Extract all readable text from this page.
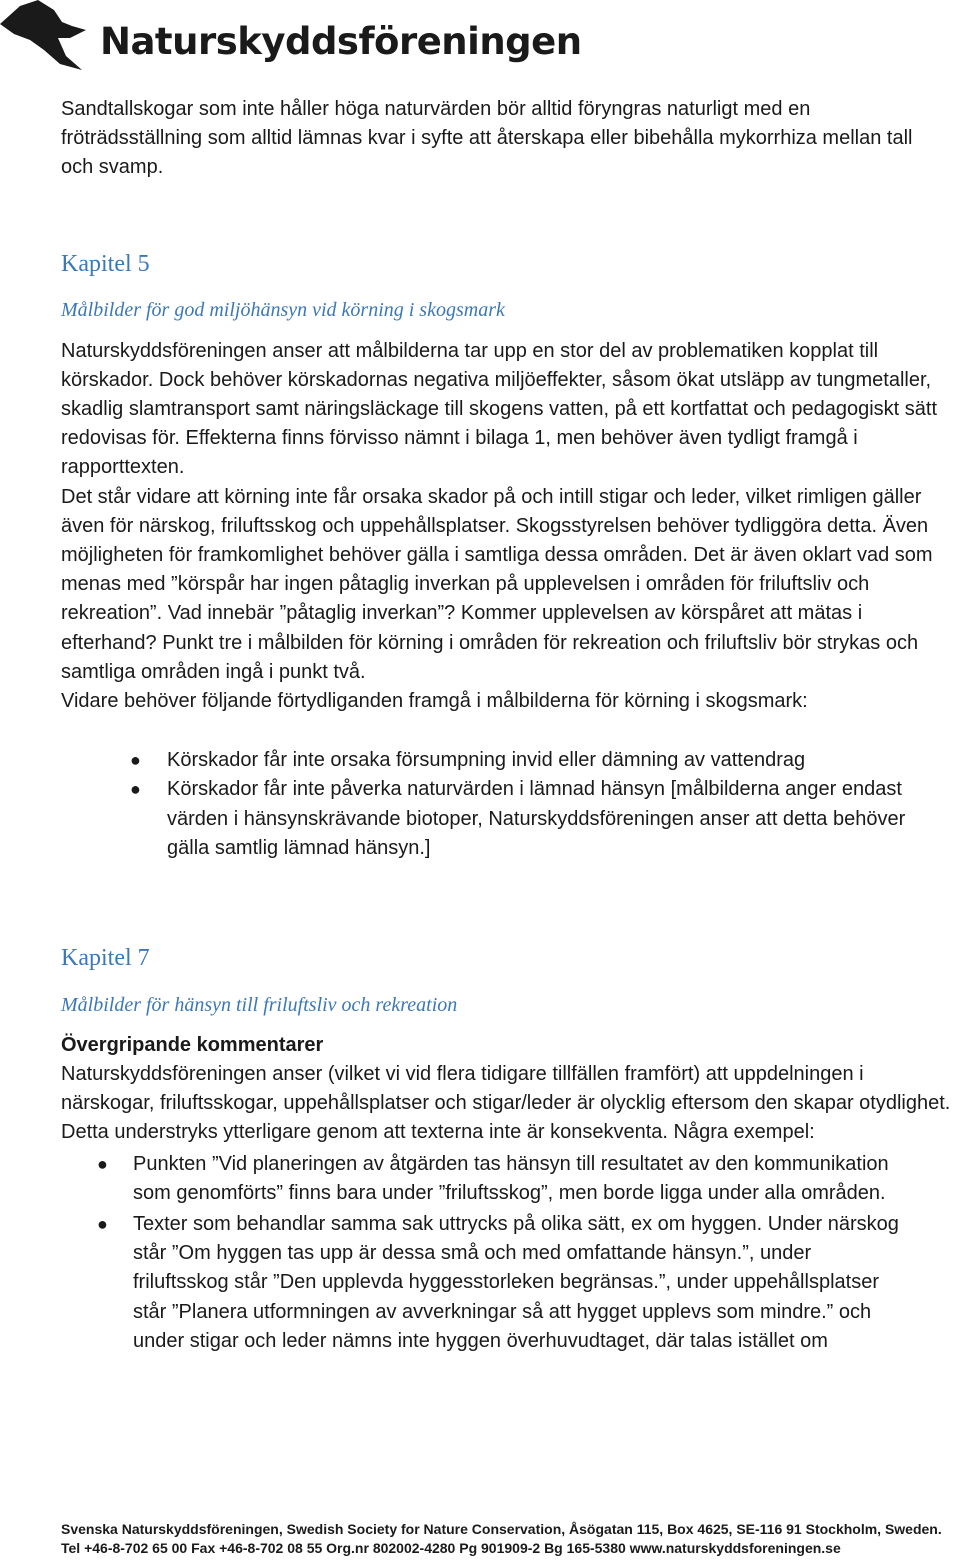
Naturskyddsföreningen

Sandtallskogar som inte håller höga naturvärden bör alltid föryngras naturligt med en fröträdsställning som alltid lämnas kvar i syfte att återskapa eller bibehålla mykorrhiza mellan tall och svamp.

Kapitel 5
Målbilder för god miljöhänsyn vid körning i skogsmark

Naturskyddsföreningen anser att målbilderna tar upp en stor del av problematiken kopplat till körskador. Dock behöver körskadornas negativa miljöeffekter, såsom ökat utsläpp av tungmetaller, skadlig slamtransport samt näringsläckage till skogens vatten, på ett kortfattat och pedagogiskt sätt redovisas för. Effekterna finns förvisso nämnt i bilaga 1, men behöver även tydligt framgå i rapporttexten.

Det står vidare att körning inte får orsaka skador på och intill stigar och leder, vilket rimligen gäller även för närskog, friluftsskog och uppehållsplatser. Skogsstyrelsen behöver tydliggöra detta. Även möjligheten för framkomlighet behöver gälla i samtliga dessa områden. Det är även oklart vad som menas med ”körspår har ingen påtaglig inverkan på upplevelsen i områden för friluftsliv och rekreation”. Vad innebär ”påtaglig inverkan”? Kommer upplevelsen av körspåret att mätas i efterhand? Punkt tre i målbilden för körning i områden för rekreation och friluftsliv bör strykas och samtliga områden ingå i punkt två.

Vidare behöver följande förtydliganden framgå i målbilderna för körning i skogsmark:

● Körskador får inte orsaka försumpning invid eller dämning av vattendrag
● Körskador får inte påverka naturvärden i lämnad hänsyn [målbilderna anger endast värden i hänsynskrävande biotoper, Naturskyddsföreningen anser att detta behöver gälla samtlig lämnad hänsyn.]
Kapitel 7
Målbilder för hänsyn till friluftsliv och rekreation
Övergripande kommentarer

Naturskyddsföreningen anser (vilket vi vid flera tidigare tillfällen framfört) att uppdelningen i närskogar, friluftsskogar, uppehållsplatser och stigar/leder är olycklig eftersom den skapar otydlighet. Detta understryks ytterligare genom att texterna inte är konsekventa. Några exempel:

● Punkten ”Vid planeringen av åtgärden tas hänsyn till resultatet av den kommunikation som genomförts” finns bara under ”friluftsskog”, men borde ligga under alla områden.
● Texter som behandlar samma sak uttrycks på olika sätt, ex om hyggen. Under närskog står ”Om hyggen tas upp är dessa små och med omfattande hänsyn.”, under friluftsskog står ”Den upplevda hyggesstorleken begränsas.”, under uppehållsplatser står ”Planera utformningen av avverkningar så att hygget upplevs som mindre.” och under stigar och leder nämns inte hyggen överhuvudtaget, där talas istället om
Svenska Naturskyddsföreningen, Swedish Society for Nature Conservation, Åsögatan 115, Box 4625, SE-116 91 Stockholm, Sweden.
Tel +46-8-702 65 00 Fax +46-8-702 08 55 Org.nr 802002-4280 Pg 901909-2 Bg 165-5380 www.naturskyddsforeningen.se
